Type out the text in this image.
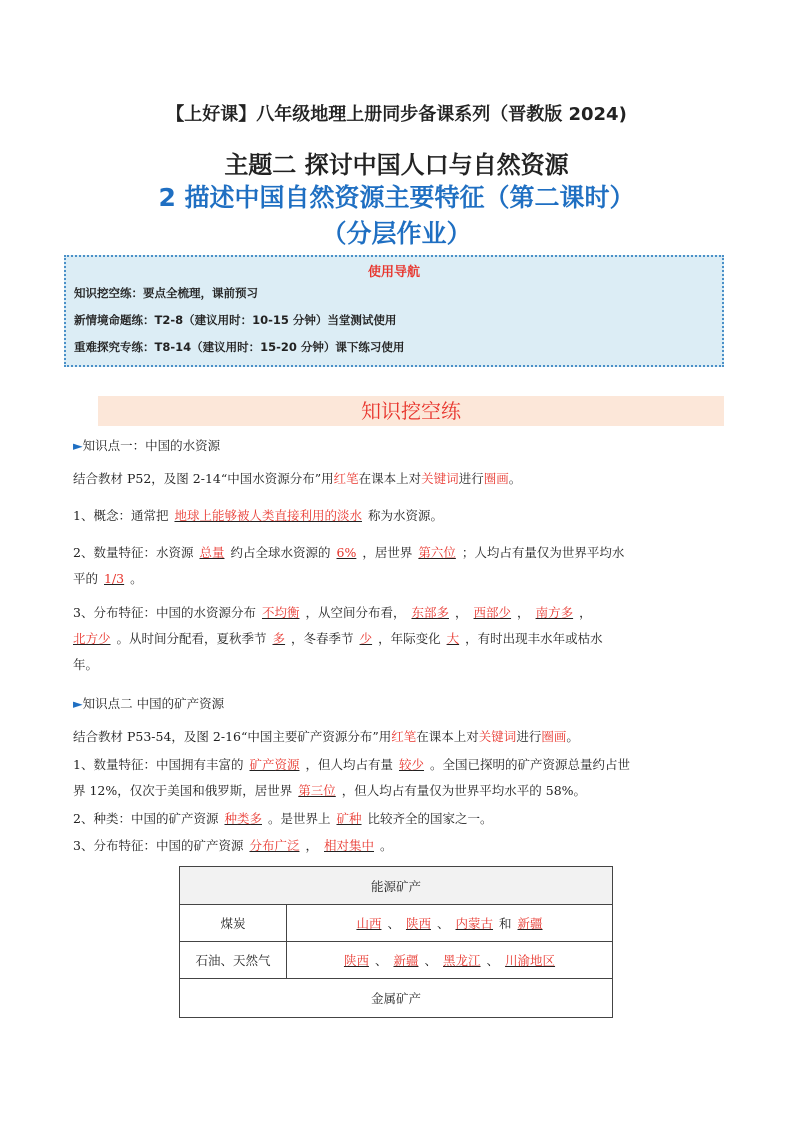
【上好课】八年级地理上册同步备课系列（晋教版 2024)
主题二 探讨中国人口与自然资源
2 描述中国自然资源主要特征（第二课时）
（分层作业）
使用导航
知识挖空练：要点全梳理，课前预习
新情境命题练：T2-8（建议用时：10-15 分钟）当堂测试使用
重难探究专练：T8-14（建议用时：15-20 分钟）课下练习使用
知识挖空练
►知识点一：中国的水资源
结合教材 P52，及图 2-14“中国水资源分布”用红笔在课本上对关键词进行圈画。
1、概念：通常把 地球上能够被人类直接利用的淡水 称为水资源。
2、数量特征：水资源 总量 约占全球水资源的 6% ，居世界 第六位 ；人均占有量仅为世界平均水
平的 1/3 。
3、分布特征：中国的水资源分布 不均衡 ，从空间分布看， 东部多 ， 西部少 ， 南方多 ，
北方少 。从时间分配看，夏秋季节 多 ，冬春季节 少 ，年际变化 大 ，有时出现丰水年或枯水
年。
►知识点二 中国的矿产资源
结合教材 P53-54，及图 2-16“中国主要矿产资源分布”用红笔在课本上对关键词进行圈画。
1、数量特征：中国拥有丰富的 矿产资源 ，但人均占有量 较少 。全国已探明的矿产资源总量约占世
界 12%，仅次于美国和俄罗斯，居世界 第三位 ，但人均占有量仅为世界平均水平的 58%。
2、种类：中国的矿产资源 种类多 。是世界上 矿种 比较齐全的国家之一。
3、分布特征：中国的矿产资源 分布广泛 ， 相对集中 。
能源矿产	
煤炭	山西 、 陕西 、 内蒙古 和 新疆
石油、天然气	陕西 、 新疆 、 黑龙江 、 川渝地区
金属矿产	
